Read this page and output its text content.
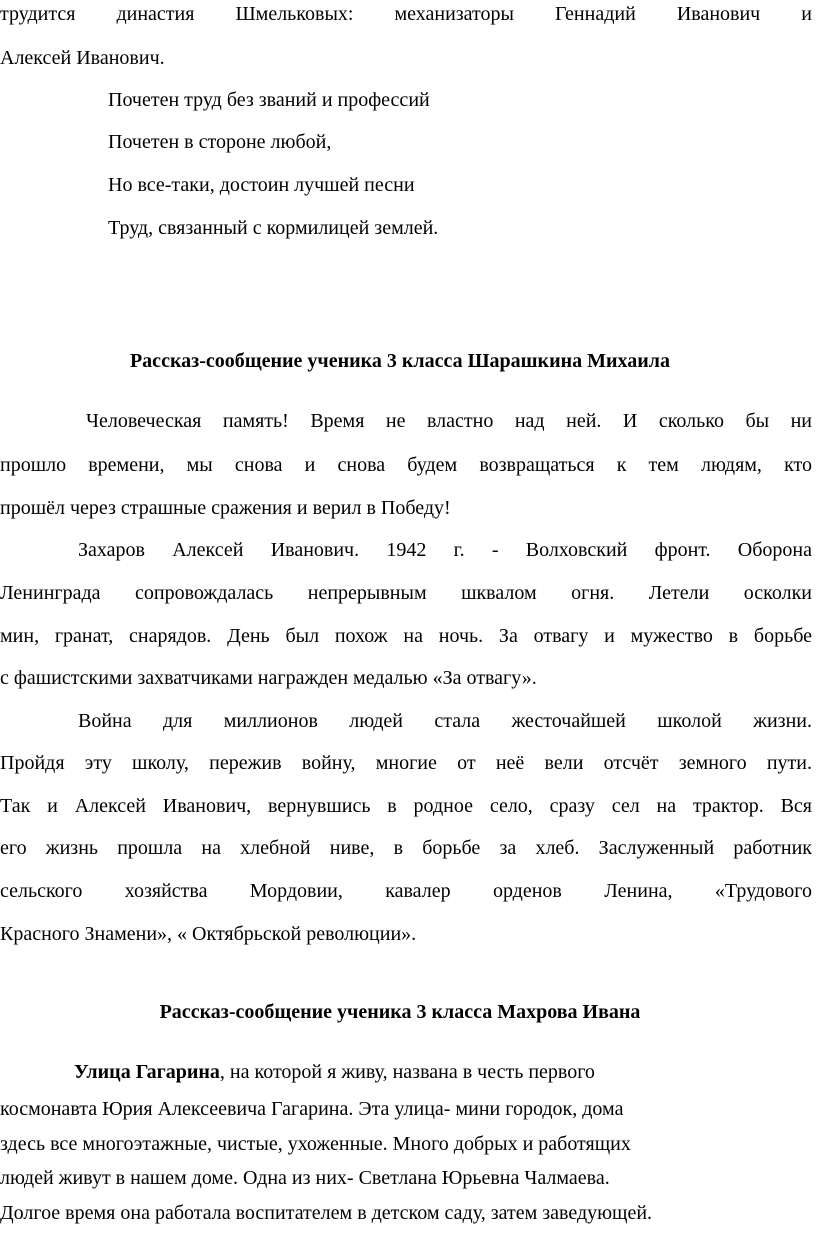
трудится династия Шмельковых: механизаторы Геннадий Иванович и
Алексей Иванович.
Почетен труд без званий и профессий
Почетен в стороне любой,
Но все-таки, достоин лучшей песни
Труд, связанный с кормилицей землей.
Рассказ-сообщение ученика 3 класса Шарашкина Михаила
Человеческая память! Время не властно над ней. И сколько бы ни
прошло времени, мы снова и снова будем возвращаться к тем людям, кто
прошёл через страшные сражения и верил в Победу!
Захаров Алексей Иванович. 1942 г. - Волховский фронт. Оборона
Ленинграда сопровождалась непрерывным шквалом огня. Летели осколки
мин, гранат, снарядов. День был похож на ночь. За отвагу и мужество в борьбе
с фашистскими захватчиками награжден медалью «За отвагу».
Война для миллионов людей стала жесточайшей школой жизни.
Пройдя эту школу, пережив войну, многие от неё вели отсчёт земного пути.
Так и Алексей Иванович, вернувшись в родное село, сразу сел на трактор. Вся
его жизнь прошла на хлебной ниве, в борьбе за хлеб. Заслуженный работник
сельского хозяйства Мордовии, кавалер орденов Ленина, «Трудового
Красного Знамени», « Октябрьской революции».
Рассказ-сообщение ученика 3 класса Махрова Ивана
Улица Гагарина, на которой я живу, названа в честь первого
космонавта Юрия Алексеевича Гагарина. Эта улица- мини городок, дома
здесь все многоэтажные, чистые, ухоженные. Много добрых и работящих
людей живут в нашем доме. Одна из них- Светлана Юрьевна Чалмаева.
Долгое время она работала воспитателем в детском саду, затем заведующей.
